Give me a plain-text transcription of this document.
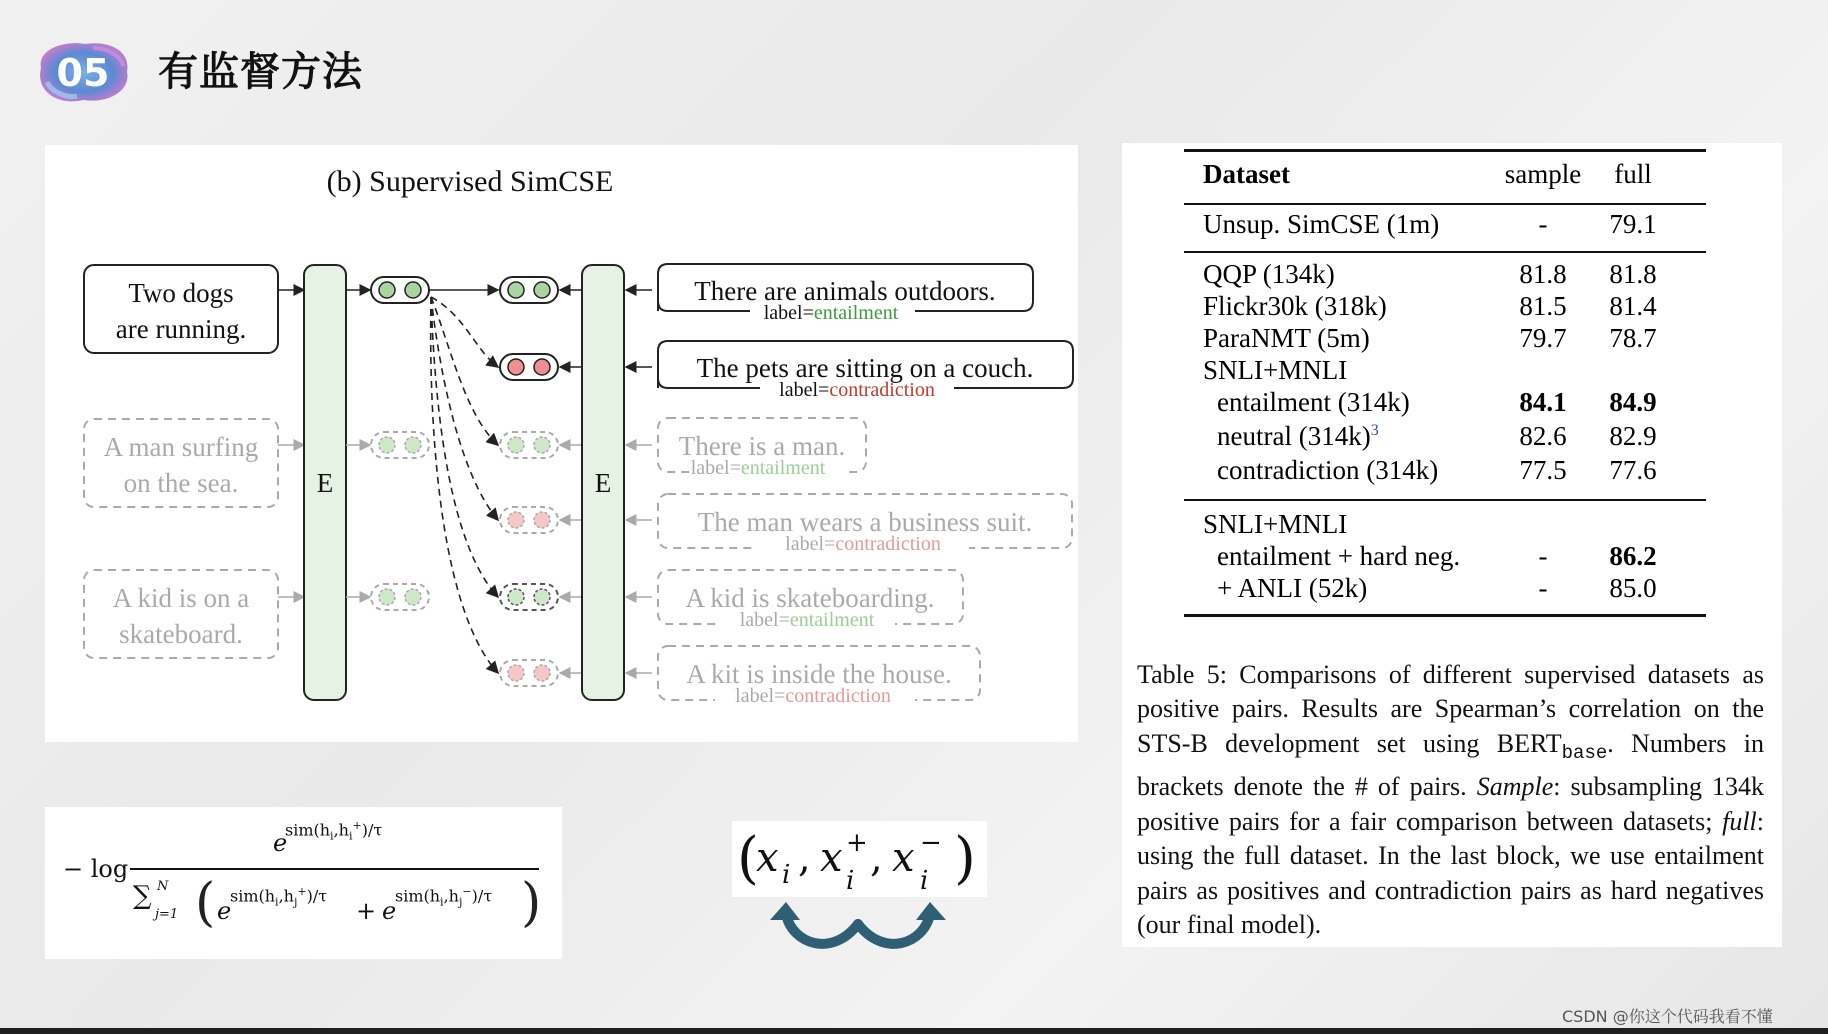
05 有监督方法
(b) Supervised SimCSE
Two dogs
are running.
A man surfing
on the sea.
A kid is on a
skateboard.
E	E
There are animals outdoors.
label=entailment
The pets are sitting on a couch.
label=contradiction
There is a man.
label=entailment
The man wears a business suit.
label=contradiction
A kid is skateboarding.
label=entailment
A kit is inside the house.
label=contradiction
Dataset	sample	full
Unsup. SimCSE (1m)	-	79.1
QQP (134k)	81.8	81.8
Flickr30k (318k)	81.5	81.4
ParaNMT (5m)	79.7	78.7
SNLI+MNLI
entailment (314k)	84.1	84.9
neutral $(314k)^3$	82.6	82.9
contradiction (314k)	77.5	77.6
SNLI+MNLI
entailment + hard neg.	-	86.2
+ ANLI (52k)	-	85.0
Table 5: Comparisons of different supervised datasets as positive pairs. Results are Spearman’s correlation on the STS-B development set using $BERT_{base}$. Numbers in brackets denote the # of pairs. Sample: subsampling 134k positive pairs for a fair comparison between datasets; full: using the full dataset. In the last block, we use entailment pairs as positives and contradiction pairs as hard negatives (our final model).
− log
e
$sim(h_i,h_i^+)/\tau$
∑ N
j=1 ( e
$sim(h_i,h_j^+)/\tau$
+ e
$sim(h_i,h_j^-)/\tau$ )
(
x i , x +
i , x −
i )
CSDN @你这个代码我看不懂
